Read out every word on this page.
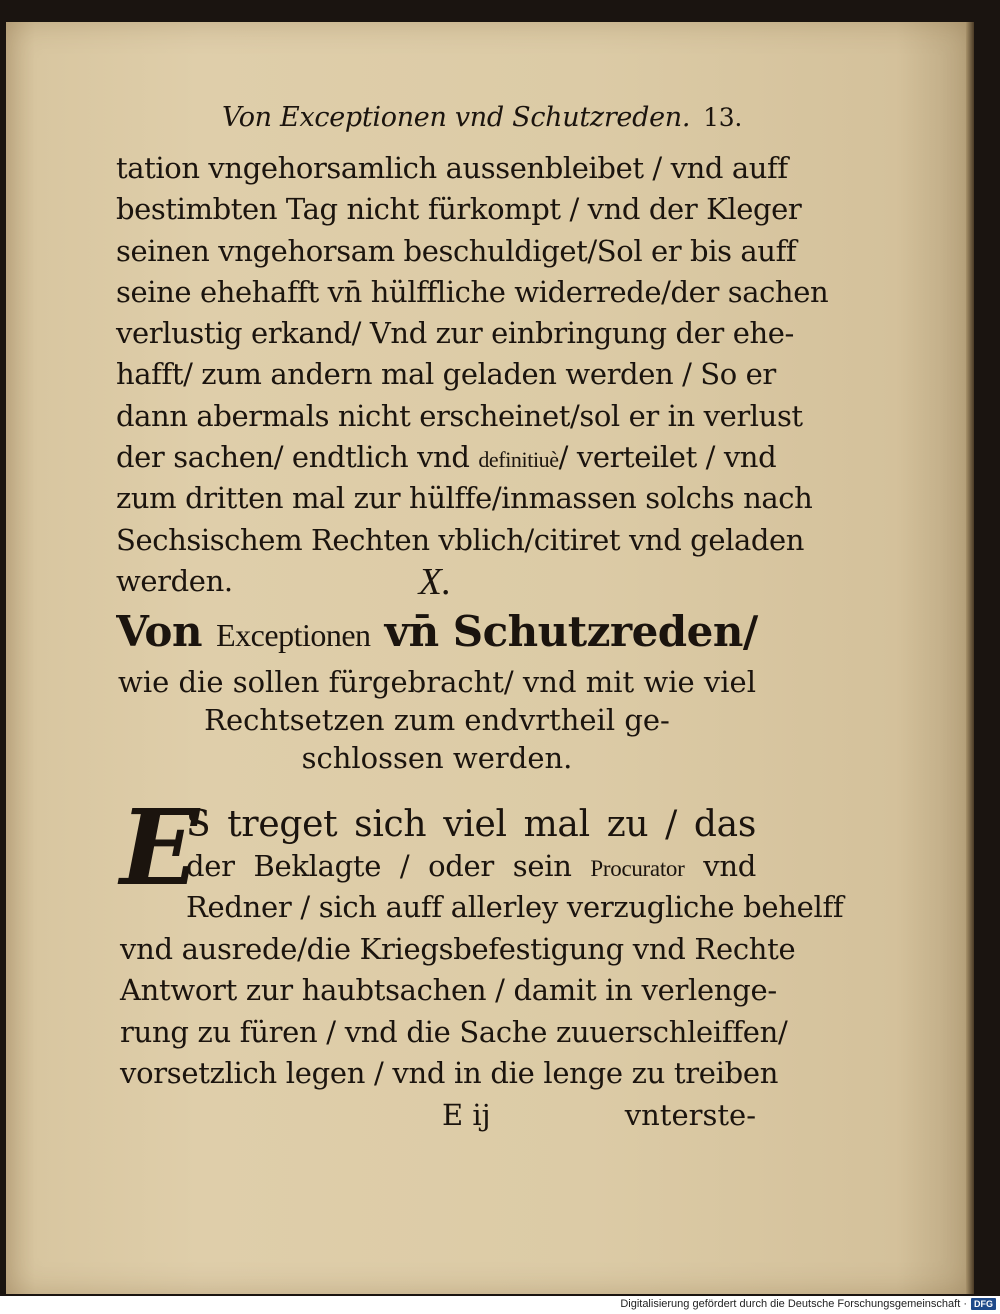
Von Exceptionen vnd Schutzreden. 13.
tation vngehorsamlich aussenbleibet / vnd auff
bestimbten Tag nicht fürkompt / vnd der Kleger
seinen vngehorsam beschuldiget/Sol er bis auff
seine ehehafft vn̄ hülffliche widerrede/der sachen
verlustig erkand/ Vnd zur einbringung der ehe-
hafft/ zum andern mal geladen werden / So er
dann abermals nicht erscheinet/sol er in verlust
der sachen/ endtlich vnd definitiuè/ verteilet / vnd
zum dritten mal zur hülffe/inmassen solchs nach
Sechsischem Rechten vblich/citiret vnd geladen
werden.	X.
Von Exceptionen vn̄ Schutzreden/
wie die sollen fürgebracht/ vnd mit wie viel
Rechtsetzen zum endvrtheil ge-
schlossen werden.
E
S treget sich viel mal zu / das
der Beklagte / oder sein Procurator vnd
Redner / sich auff allerley verzugliche behelff
vnd ausrede/die Kriegsbefestigung vnd Rechte
Antwort zur haubtsachen / damit in verlenge-
rung zu füren / vnd die Sache zuuerschleiffen/
vorsetzlich legen / vnd in die lenge zu treiben
E ij	vnterste-
Digitalisierung gefördert durch die Deutsche Forschungsgemeinschaft · DFG
